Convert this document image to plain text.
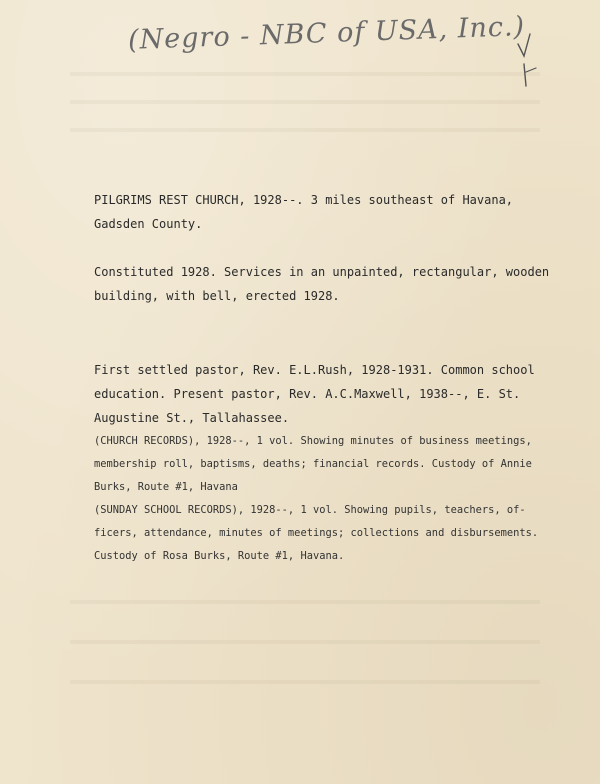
(Negro - NBC of USA, Inc.)
PILGRIMS REST CHURCH, 1928--. 3 miles southeast of Havana,
Gadsden County.
Constituted 1928. Services in an unpainted, rectangular, wooden
building, with bell, erected 1928.
First settled pastor, Rev. E.L.Rush, 1928-1931. Common school
education. Present pastor, Rev. A.C.Maxwell, 1938--, E. St.
Augustine St., Tallahassee.
(CHURCH RECORDS), 1928--, 1 vol. Showing minutes of business meetings,
membership roll, baptisms, deaths; financial records. Custody of Annie
Burks, Route #1, Havana
(SUNDAY SCHOOL RECORDS), 1928--, 1 vol. Showing pupils, teachers, of-
ficers, attendance, minutes of meetings; collections and disbursements.
Custody of Rosa Burks, Route #1, Havana.
